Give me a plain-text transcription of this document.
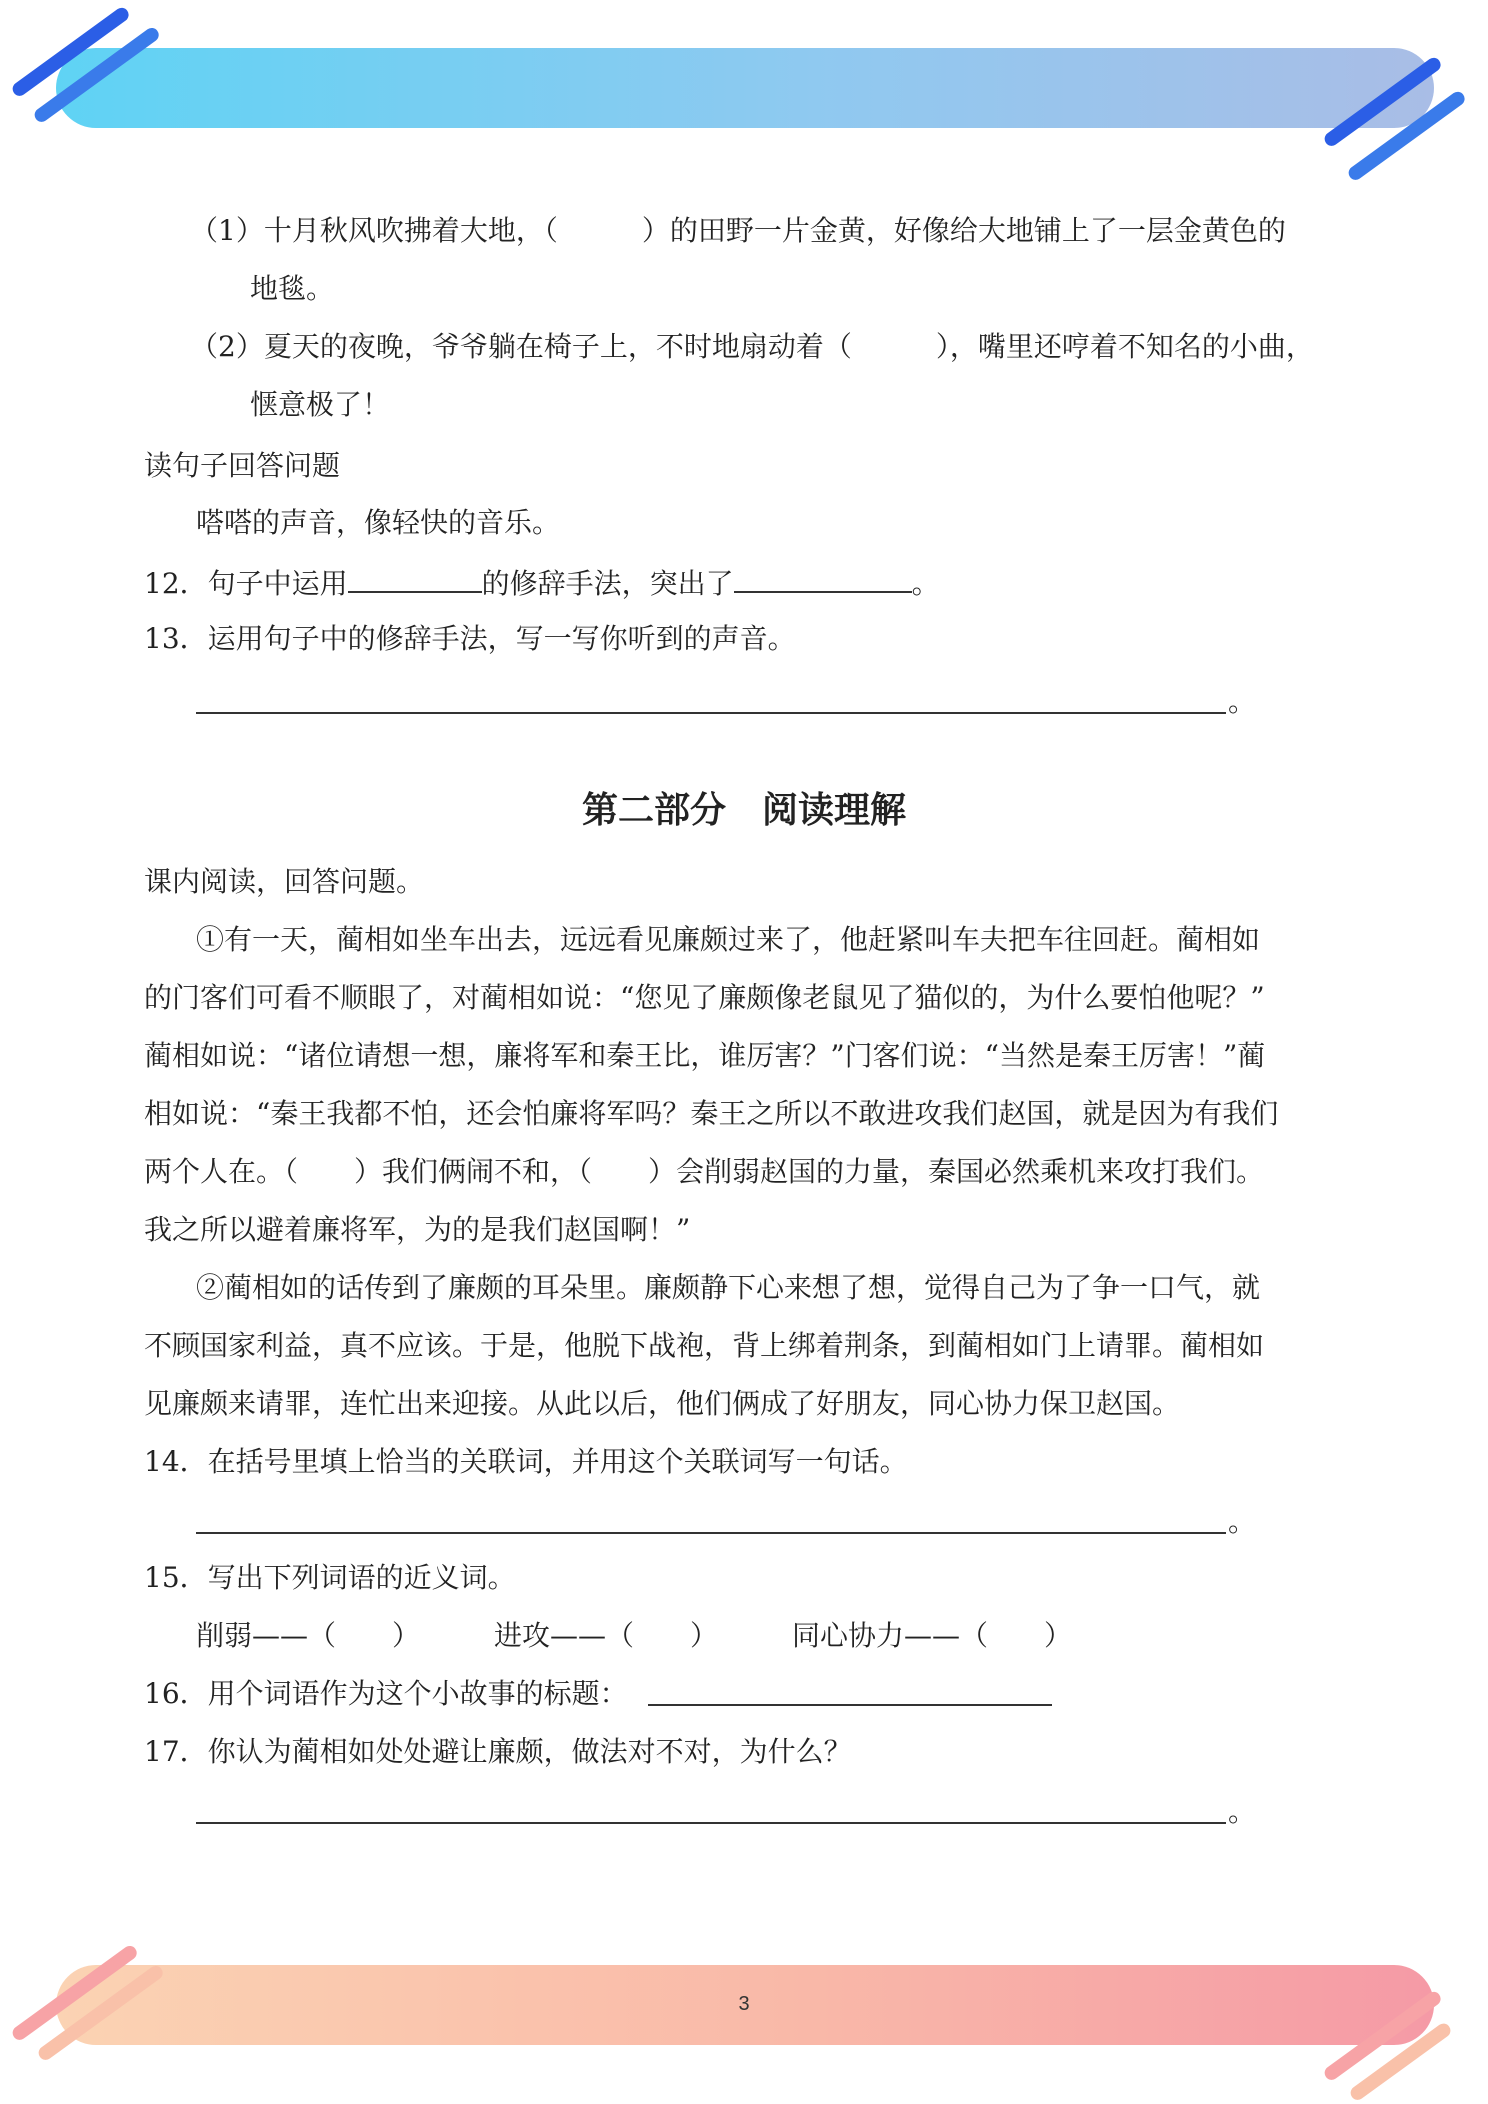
3
（1）十月秋风吹拂着大地，（　　　）的田野一片金黄，好像给大地铺上了一层金黄色的
地毯。
（2）夏天的夜晚，爷爷躺在椅子上，不时地扇动着（　　　），嘴里还哼着不知名的小曲，
惬意极了！
读句子回答问题
嗒嗒的声音，像轻快的音乐。
12．句子中运用	的修辞手法，突出了	。
13．运用句子中的修辞手法，写一写你听到的声音。
。
第二部分　阅读理解
课内阅读，回答问题。
①有一天，蔺相如坐车出去，远远看见廉颇过来了，他赶紧叫车夫把车往回赶。蔺相如
的门客们可看不顺眼了，对蔺相如说：“您见了廉颇像老鼠见了猫似的，为什么要怕他呢？”
蔺相如说：“诸位请想一想，廉将军和秦王比，谁厉害？”门客们说：“当然是秦王厉害！”蔺
相如说：“秦王我都不怕，还会怕廉将军吗？秦王之所以不敢进攻我们赵国，就是因为有我们
两个人在。（　　）我们俩闹不和，（　　）会削弱赵国的力量，秦国必然乘机来攻打我们。
我之所以避着廉将军，为的是我们赵国啊！”
②蔺相如的话传到了廉颇的耳朵里。廉颇静下心来想了想，觉得自己为了争一口气，就
不顾国家利益，真不应该。于是，他脱下战袍，背上绑着荆条，到蔺相如门上请罪。蔺相如
见廉颇来请罪，连忙出来迎接。从此以后，他们俩成了好朋友，同心协力保卫赵国。
14．在括号里填上恰当的关联词，并用这个关联词写一句话。
。
15．写出下列词语的近义词。
削弱——（　　）	进攻——（　　）	同心协力——（　　）
16．用个词语作为这个小故事的标题：
17．你认为蔺相如处处避让廉颇，做法对不对，为什么？
。
